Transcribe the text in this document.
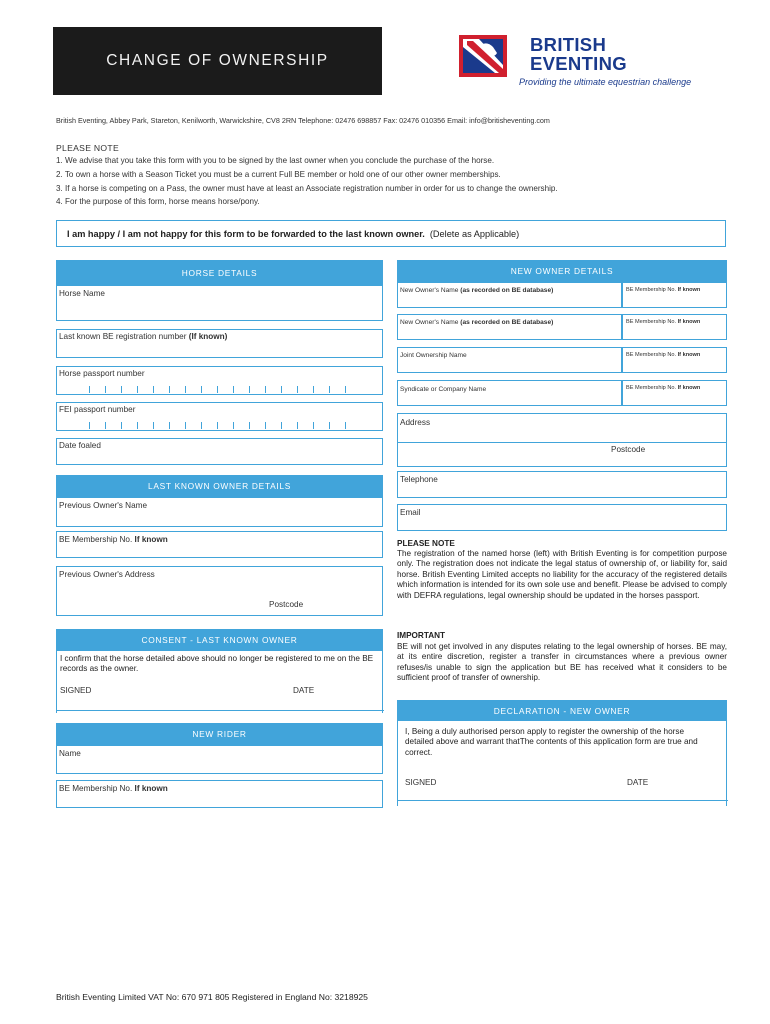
CHANGE OF OWNERSHIP
BRITISH
EVENTING
Providing the ultimate equestrian challenge
British Eventing, Abbey Park, Stareton, Kenilworth, Warwickshire, CV8 2RN Telephone: 02476 698857 Fax: 02476 010356 Email: info@britisheventing.com
PLEASE NOTE
1. We advise that you take this form with you to be signed by the last owner when you conclude the purchase of the horse.
2. To own a horse with a Season Ticket you must be a current Full BE member or hold one of our other owner memberships.
3. If a horse is competing on a Pass, the owner must have at least an Associate registration number in order for us to change the ownership.
4. For the purpose of this form, horse means horse/pony.
I am happy / I am not happy for this form to be forwarded to the last known owner. (Delete as Applicable)
HORSE DETAILS
Horse Name
Last known BE registration number (If known)
Horse passport number
FEI passport number
Date foaled
LAST KNOWN OWNER DETAILS
Previous Owner's Name
BE Membership No. If known
Previous Owner's Address
Postcode
CONSENT - LAST KNOWN OWNER
I confirm that the horse detailed above should no longer be registered to me on the BE records as the owner.
SIGNED	DATE
NEW RIDER
Name
BE Membership No. If known
NEW OWNER DETAILS
New Owner's Name (as recorded on BE database)	BE Membership No. If known
New Owner's Name (as recorded on BE database)	BE Membership No. If known
Joint Ownership Name	BE Membership No. If known
Syndicate or Company Name	BE Membership No. If known
Address
Postcode
Telephone
Email
PLEASE NOTE
The registration of the named horse (left) with British Eventing is for competition purpose only. The registration does not indicate the legal status of ownership of, or liability for, said horse. British Eventing Limited accepts no liability for the accuracy of the registered details which information is intended for its own sole use and benefit. Please be advised to comply with DEFRA regulations, legal ownership should be updated in the horses passport.
IMPORTANT
BE will not get involved in any disputes relating to the legal ownership of horses. BE may, at its entire discretion, register a transfer in circumstances where a previous owner refuses/is unable to sign the application but BE has received what it considers to be sufficient proof of transfer of ownership.
DECLARATION - NEW OWNER
I, Being a duly authorised person apply to register the ownership of the horse detailed above and warrant thatThe contents of this application form are true and correct.
SIGNED	DATE
British Eventing Limited VAT No: 670 971 805 Registered in England No: 3218925
